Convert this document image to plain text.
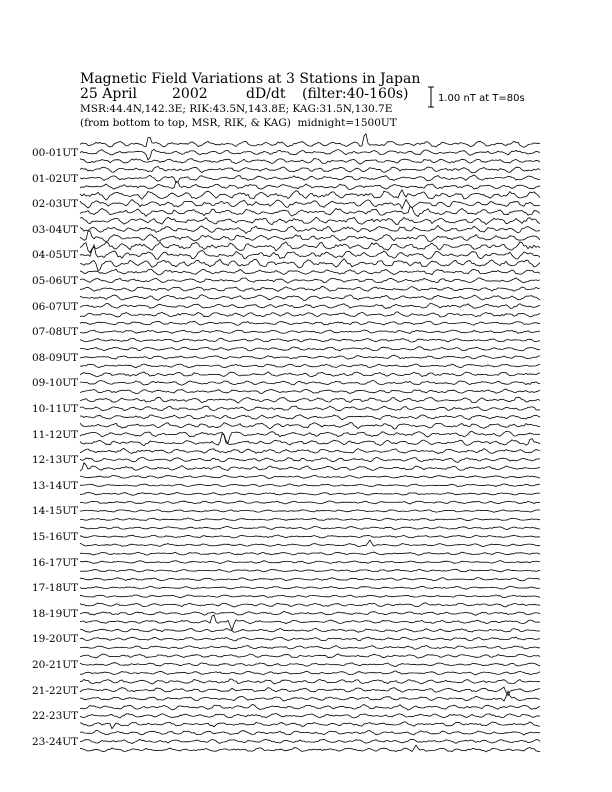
Magnetic Field Variations at 3 Stations in Japan
25 April	2002	dD/dt (filter:40-160s)
MSR:44.4N,142.3E; RIK:43.5N,143.8E; KAG:31.5N,130.7E
(from bottom to top, MSR, RIK, & KAG) midnight=1500UT
1.00 nT at T=80s
00-01UT
01-02UT
02-03UT
03-04UT
04-05UT
05-06UT
06-07UT
07-08UT
08-09UT
09-10UT
10-11UT
11-12UT
12-13UT
13-14UT
14-15UT
15-16UT
16-17UT
17-18UT
18-19UT
19-20UT
20-21UT
21-22UT
22-23UT
23-24UT
